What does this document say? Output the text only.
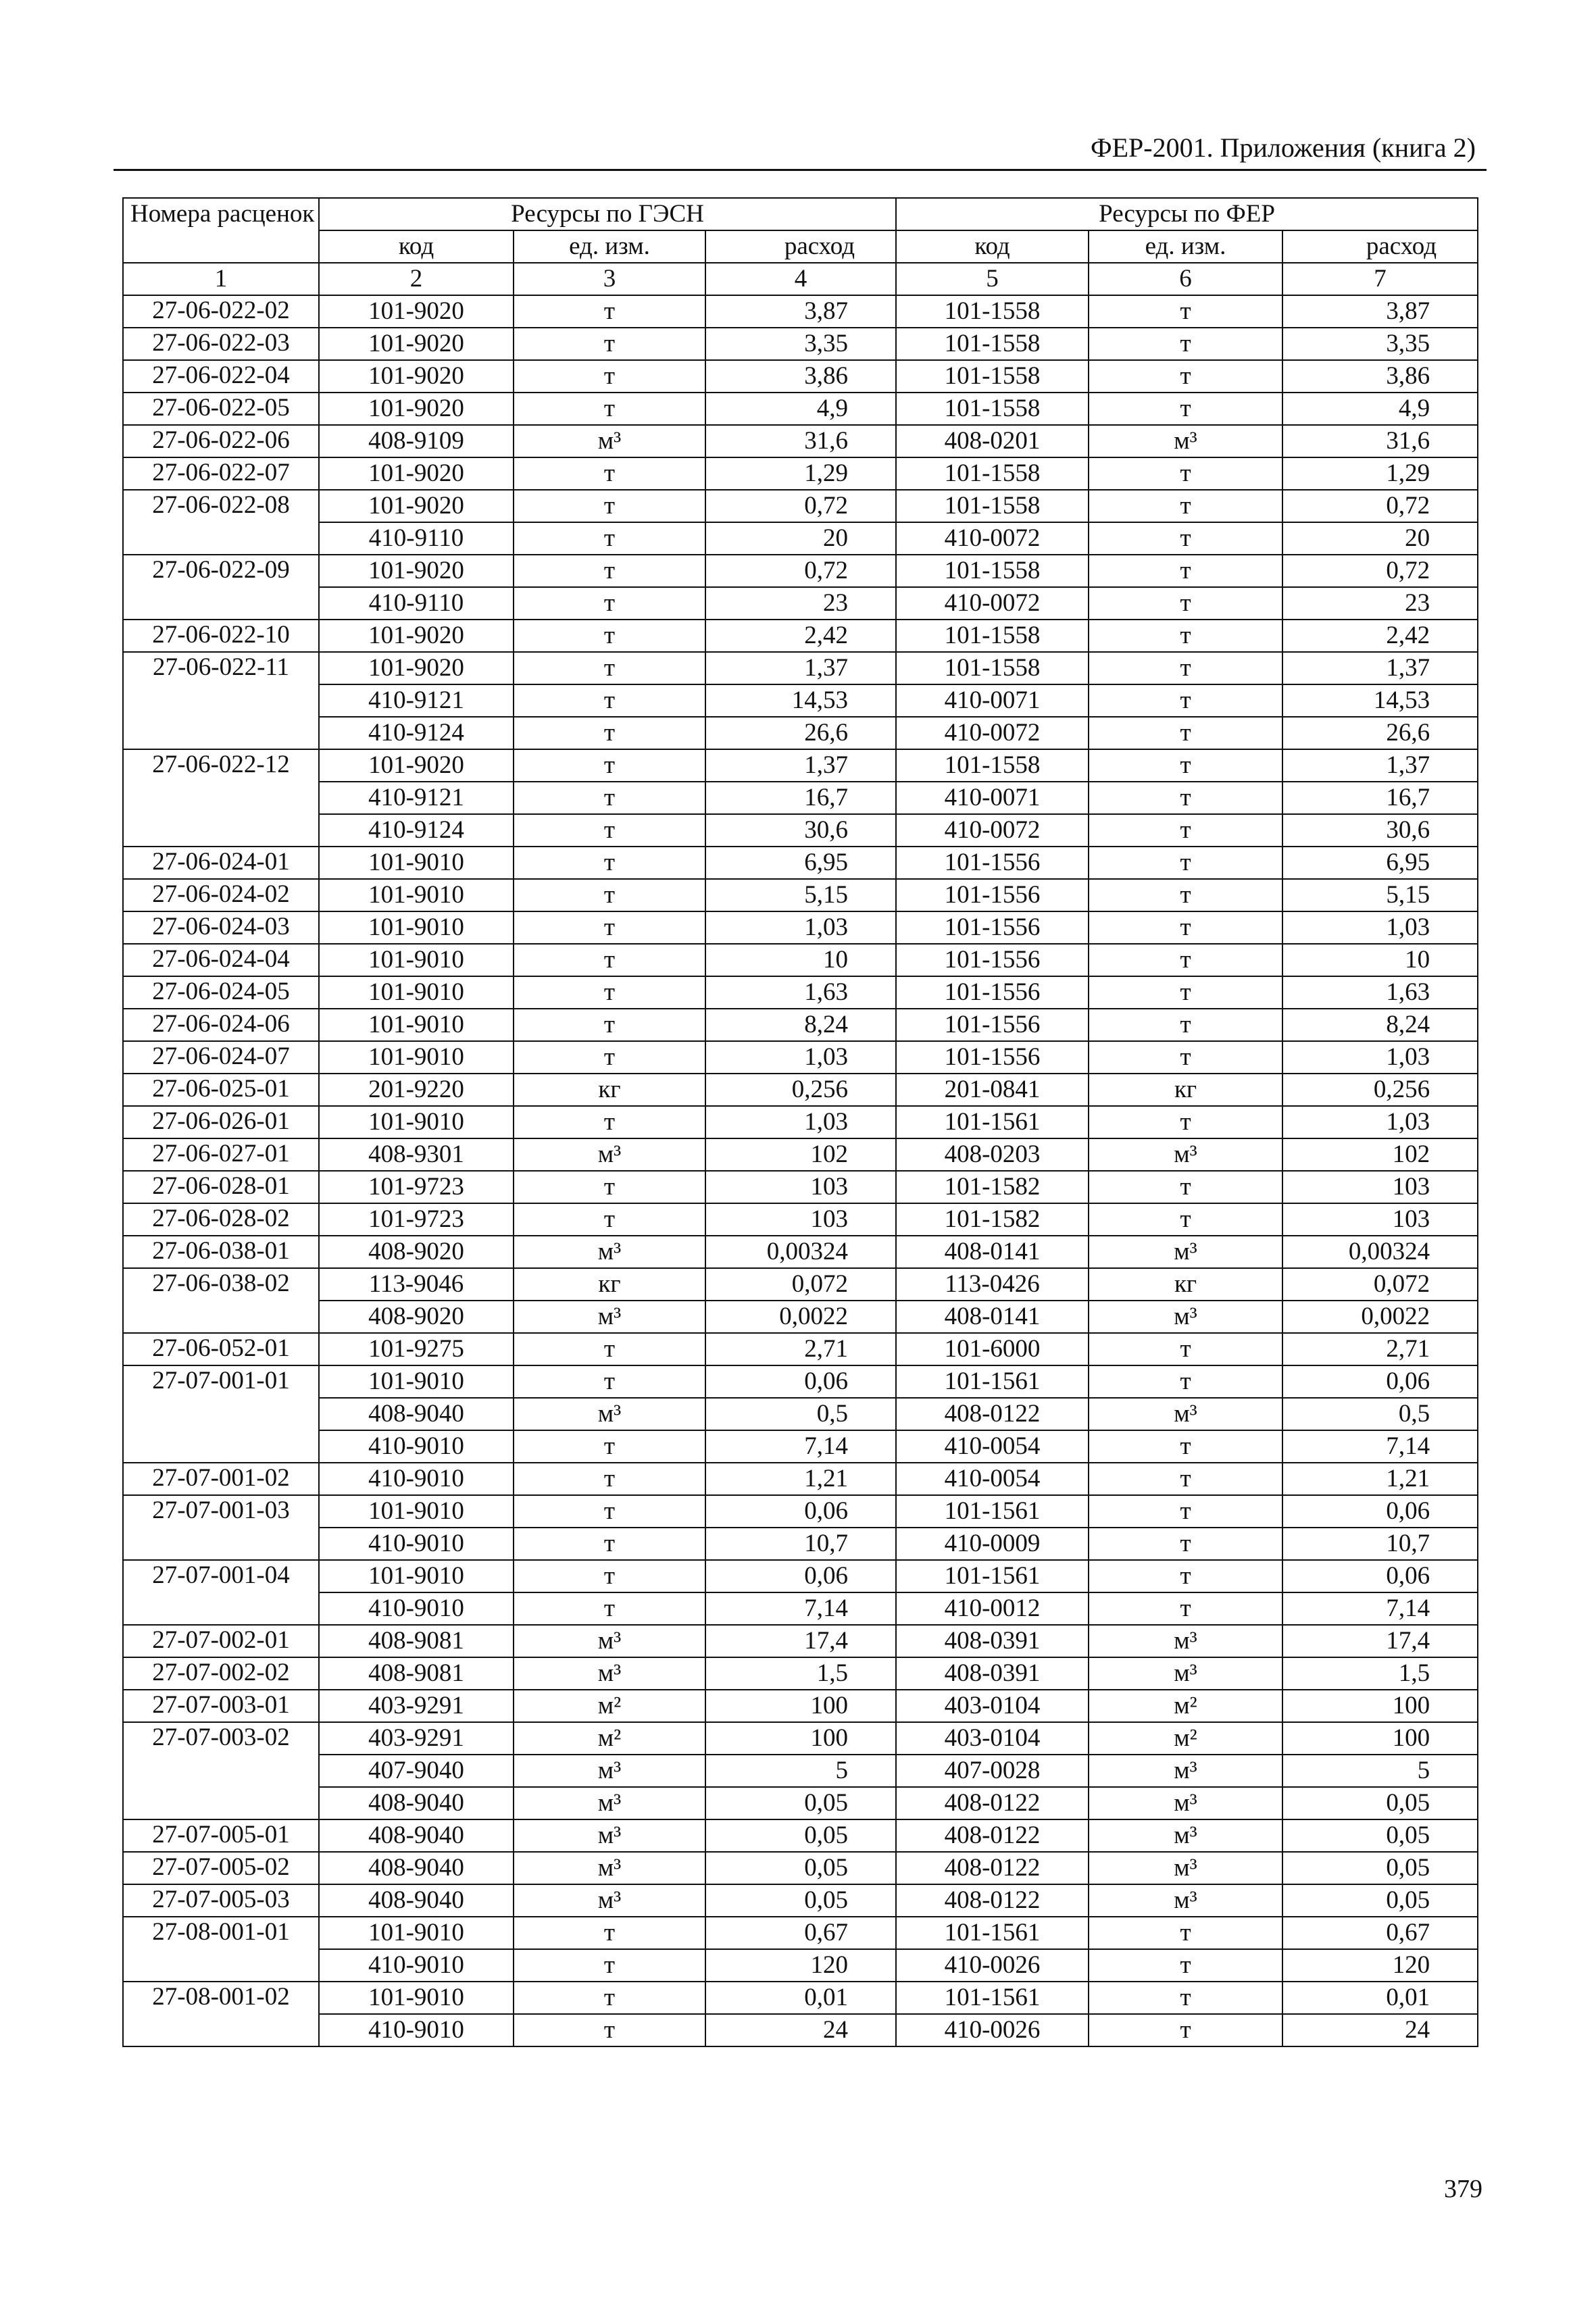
ФЕР-2001. Приложения (книга 2)
Номера расценок	Ресурсы по ГЭСН			Ресурсы по ФЕР		
	код	ед. изм.	расход	код	ед. изм.	расход
1	2	3	4	5	6	7
27-06-022-02	101-9020	т	3,87	101-1558	т	3,87
27-06-022-03	101-9020	т	3,35	101-1558	т	3,35
27-06-022-04	101-9020	т	3,86	101-1558	т	3,86
27-06-022-05	101-9020	т	4,9	101-1558	т	4,9
27-06-022-06	408-9109	м³	31,6	408-0201	м³	31,6
27-06-022-07	101-9020	т	1,29	101-1558	т	1,29
27-06-022-08	101-9020	т	0,72	101-1558	т	0,72
	410-9110	т	20	410-0072	т	20
27-06-022-09	101-9020	т	0,72	101-1558	т	0,72
	410-9110	т	23	410-0072	т	23
27-06-022-10	101-9020	т	2,42	101-1558	т	2,42
27-06-022-11	101-9020	т	1,37	101-1558	т	1,37
	410-9121	т	14,53	410-0071	т	14,53
	410-9124	т	26,6	410-0072	т	26,6
27-06-022-12	101-9020	т	1,37	101-1558	т	1,37
	410-9121	т	16,7	410-0071	т	16,7
	410-9124	т	30,6	410-0072	т	30,6
27-06-024-01	101-9010	т	6,95	101-1556	т	6,95
27-06-024-02	101-9010	т	5,15	101-1556	т	5,15
27-06-024-03	101-9010	т	1,03	101-1556	т	1,03
27-06-024-04	101-9010	т	10	101-1556	т	10
27-06-024-05	101-9010	т	1,63	101-1556	т	1,63
27-06-024-06	101-9010	т	8,24	101-1556	т	8,24
27-06-024-07	101-9010	т	1,03	101-1556	т	1,03
27-06-025-01	201-9220	кг	0,256	201-0841	кг	0,256
27-06-026-01	101-9010	т	1,03	101-1561	т	1,03
27-06-027-01	408-9301	м³	102	408-0203	м³	102
27-06-028-01	101-9723	т	103	101-1582	т	103
27-06-028-02	101-9723	т	103	101-1582	т	103
27-06-038-01	408-9020	м³	0,00324	408-0141	м³	0,00324
27-06-038-02	113-9046	кг	0,072	113-0426	кг	0,072
	408-9020	м³	0,0022	408-0141	м³	0,0022
27-06-052-01	101-9275	т	2,71	101-6000	т	2,71
27-07-001-01	101-9010	т	0,06	101-1561	т	0,06
	408-9040	м³	0,5	408-0122	м³	0,5
	410-9010	т	7,14	410-0054	т	7,14
27-07-001-02	410-9010	т	1,21	410-0054	т	1,21
27-07-001-03	101-9010	т	0,06	101-1561	т	0,06
	410-9010	т	10,7	410-0009	т	10,7
27-07-001-04	101-9010	т	0,06	101-1561	т	0,06
	410-9010	т	7,14	410-0012	т	7,14
27-07-002-01	408-9081	м³	17,4	408-0391	м³	17,4
27-07-002-02	408-9081	м³	1,5	408-0391	м³	1,5
27-07-003-01	403-9291	м²	100	403-0104	м²	100
27-07-003-02	403-9291	м²	100	403-0104	м²	100
	407-9040	м³	5	407-0028	м³	5
	408-9040	м³	0,05	408-0122	м³	0,05
27-07-005-01	408-9040	м³	0,05	408-0122	м³	0,05
27-07-005-02	408-9040	м³	0,05	408-0122	м³	0,05
27-07-005-03	408-9040	м³	0,05	408-0122	м³	0,05
27-08-001-01	101-9010	т	0,67	101-1561	т	0,67
	410-9010	т	120	410-0026	т	120
27-08-001-02	101-9010	т	0,01	101-1561	т	0,01
	410-9010	т	24	410-0026	т	24
379
